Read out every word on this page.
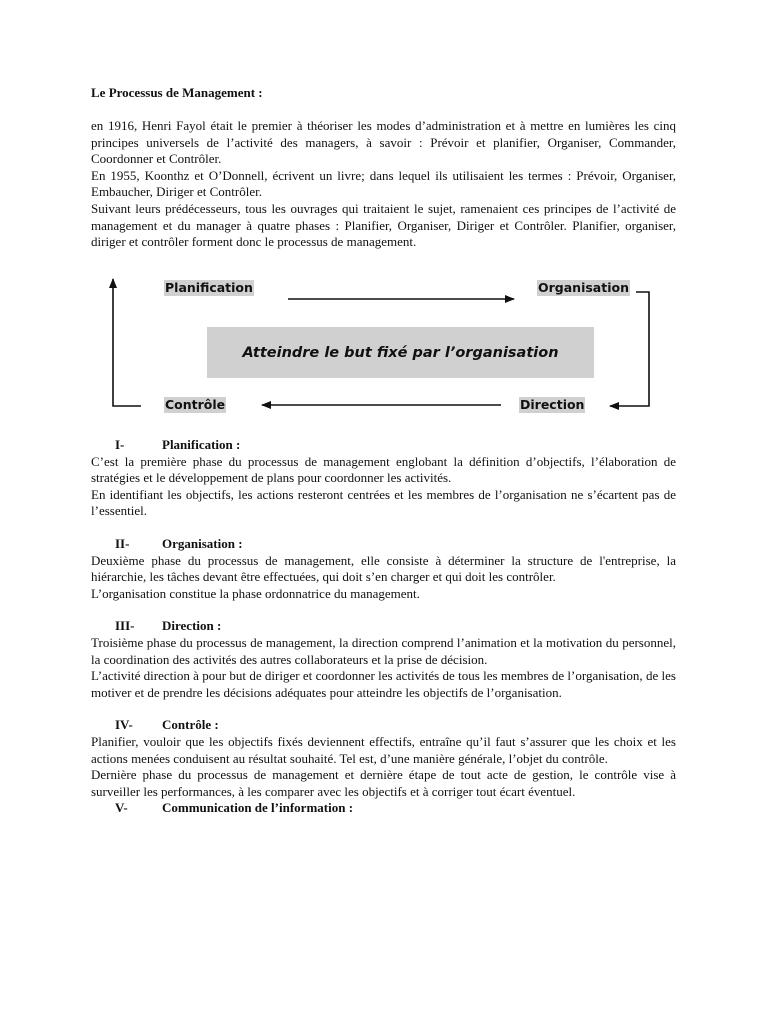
Le Processus de Management :

en 1916, Henri Fayol était le premier à théoriser les modes d’administration et à mettre en lumières les cinq principes universels de l’activité des managers, à savoir : Prévoir et planifier, Organiser, Commander, Coordonner et Contrôler.

En 1955, Koonthz et O’Donnell, écrivent un livre; dans lequel ils utilisaient les termes : Prévoir, Organiser, Embaucher, Diriger et Contrôler.

Suivant leurs prédécesseurs, tous les ouvrages qui traitaient le sujet, ramenaient ces principes de l’activité de management et du manager à quatre phases : Planifier, Organiser, Diriger et Contrôler. Planifier, organiser, diriger et contrôler forment donc le processus de management.

Planification	Organisation
Atteindre le but fixé par l’organisation
Contrôle	Direction
I-	Planification :

C’est la première phase du processus de management englobant la définition d’objectifs, l’élaboration de stratégies et le développement de plans pour coordonner les activités.

En identifiant les objectifs, les actions resteront centrées et les membres de l’organisation ne s’écartent pas de l’essentiel.

II-	Organisation :

Deuxième phase du processus de management, elle consiste à déterminer la structure de l'entreprise, la hiérarchie, les tâches devant être effectuées, qui doit s’en charger et qui doit les contrôler.

L’organisation constitue la phase ordonnatrice du management.

III- Direction :

Troisième phase du processus de management, la direction comprend l’animation et la motivation du personnel, la coordination des activités des autres collaborateurs et la prise de décision.

L’activité direction à pour but de diriger et coordonner les activités de tous les membres de l’organisation, de les motiver et de prendre les décisions adéquates pour atteindre les objectifs de l’organisation.

IV- Contrôle :

Planifier, vouloir que les objectifs fixés deviennent effectifs, entraîne qu’il faut s’assurer que les choix et les actions menées conduisent au résultat souhaité. Tel est, d’une manière générale, l’objet du contrôle.

Dernière phase du processus de management et dernière étape de tout acte de gestion, le contrôle vise à surveiller les performances, à les comparer avec les objectifs et à corriger tout écart éventuel.

V-	Communication de l’information :
